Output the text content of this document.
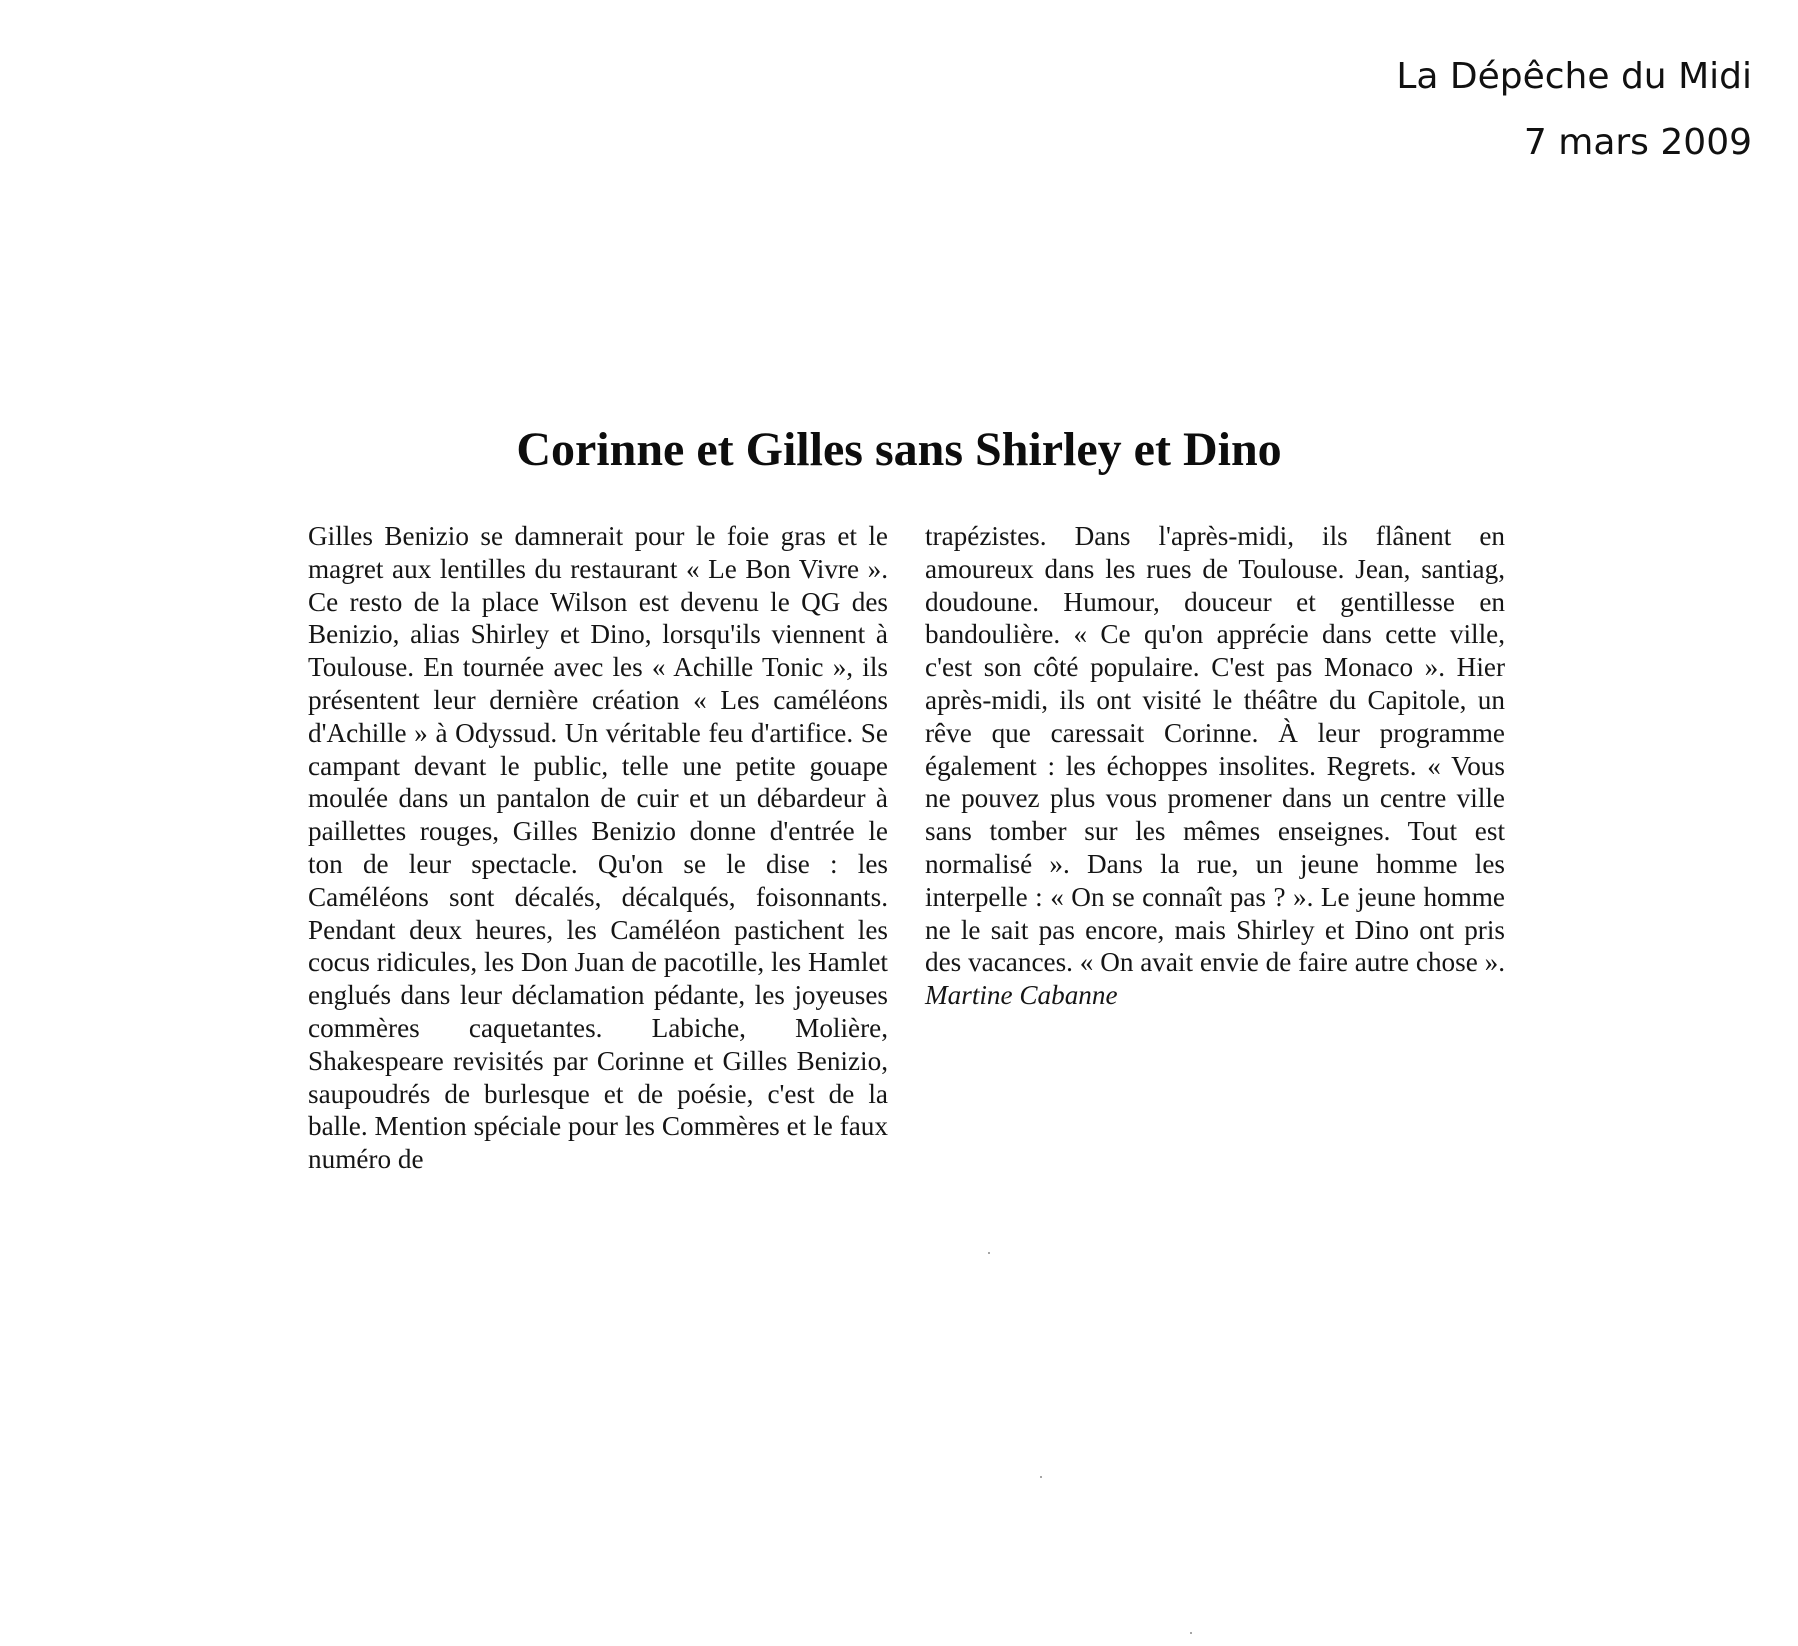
La Dépêche du Midi
7 mars 2009
Corinne et Gilles sans Shirley et Dino
Gilles Benizio se damnerait pour le foie gras et le magret aux lentilles du restaurant « Le Bon Vivre ». Ce resto de la place Wilson est devenu le QG des Benizio, alias Shirley et Dino, lorsqu'ils viennent à Toulouse. En tournée avec les « Achille Tonic », ils présentent leur dernière création « Les caméléons d'Achille » à Odyssud. Un véritable feu d'artifice. Se campant devant le public, telle une petite gouape moulée dans un pantalon de cuir et un débardeur à paillettes rouges, Gilles Benizio donne d'entrée le ton de leur spectacle. Qu'on se le dise : les Caméléons sont décalés, décalqués, foisonnants. Pendant deux heures, les Caméléon pastichent les cocus ridicules, les Don Juan de pacotille, les Hamlet englués dans leur déclamation pédante, les joyeuses commères caquetantes. Labiche, Molière, Shakespeare revisités par Corinne et Gilles Benizio, saupoudrés de burlesque et de poésie, c'est de la balle. Mention spéciale pour les Commères et le faux numéro de
trapézistes. Dans l'après-midi, ils flânent en amoureux dans les rues de Toulouse. Jean, santiag, doudoune. Humour, douceur et gentillesse en bandoulière. « Ce qu'on apprécie dans cette ville, c'est son côté populaire. C'est pas Monaco ». Hier après-midi, ils ont visité le théâtre du Capitole, un rêve que caressait Corinne. À leur programme également : les échoppes insolites. Regrets. « Vous ne pouvez plus vous promener dans un centre ville sans tomber sur les mêmes enseignes. Tout est normalisé ». Dans la rue, un jeune homme les interpelle : « On se connaît pas ? ». Le jeune homme ne le sait pas encore, mais Shirley et Dino ont pris des vacances. « On avait envie de faire autre chose ». Martine Cabanne
